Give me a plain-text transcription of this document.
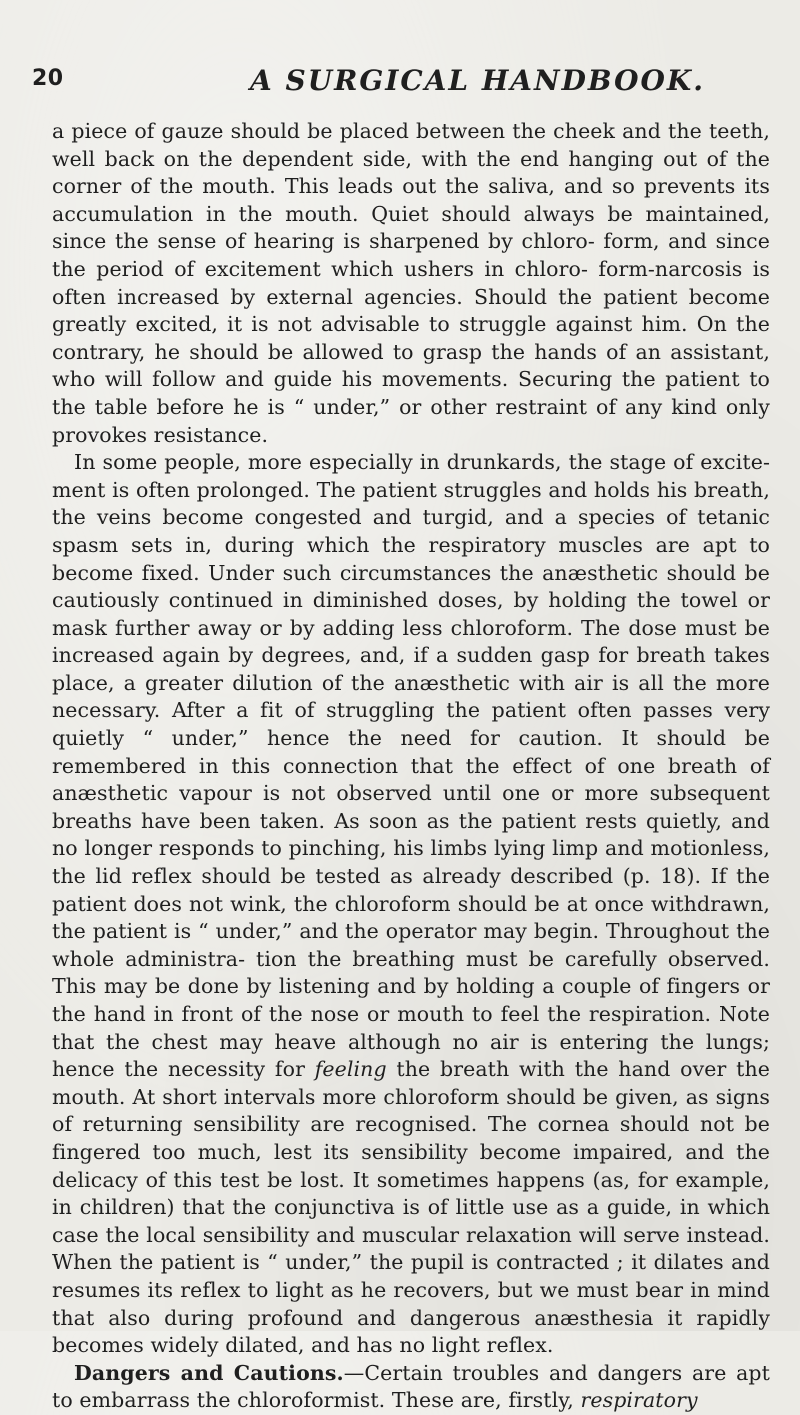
20	A SURGICAL HANDBOOK.

a piece of gauze should be placed between the cheek and the teeth, well back on the dependent side, with the end hanging out of the corner of the mouth. This leads out the saliva, and so prevents its accumulation in the mouth. Quiet should always be maintained, since the sense of hearing is sharpened by chloro- form, and since the period of excitement which ushers in chloro- form-narcosis is often increased by external agencies. Should the patient become greatly excited, it is not advisable to struggle against him. On the contrary, he should be allowed to grasp the hands of an assistant, who will follow and guide his movements. Securing the patient to the table before he is “ under,” or other restraint of any kind only provokes resistance.

In some people, more especially in drunkards, the stage of excite- ment is often prolonged. The patient struggles and holds his breath, the veins become congested and turgid, and a species of tetanic spasm sets in, during which the respiratory muscles are apt to become fixed. Under such circumstances the anæsthetic should be cautiously continued in diminished doses, by holding the towel or mask further away or by adding less chloroform. The dose must be increased again by degrees, and, if a sudden gasp for breath takes place, a greater dilution of the anæsthetic with air is all the more necessary. After a fit of struggling the patient often passes very quietly “ under,” hence the need for caution. It should be remembered in this connection that the effect of one breath of anæsthetic vapour is not observed until one or more subsequent breaths have been taken. As soon as the patient rests quietly, and no longer responds to pinching, his limbs lying limp and motionless, the lid reflex should be tested as already described (p. 18). If the patient does not wink, the chloroform should be at once withdrawn, the patient is “ under,” and the operator may begin. Throughout the whole administra- tion the breathing must be carefully observed. This may be done by listening and by holding a couple of fingers or the hand in front of the nose or mouth to feel the respiration. Note that the chest may heave although no air is entering the lungs; hence the necessity for feeling the breath with the hand over the mouth. At short intervals more chloroform should be given, as signs of returning sensibility are recognised. The cornea should not be fingered too much, lest its sensibility become impaired, and the delicacy of this test be lost. It sometimes happens (as, for example, in children) that the conjunctiva is of little use as a guide, in which case the local sensibility and muscular relaxation will serve instead. When the patient is “ under,” the pupil is contracted ; it dilates and resumes its reflex to light as he recovers, but we must bear in mind that also during profound and dangerous anæsthesia it rapidly becomes widely dilated, and has no light reflex.

Dangers and Cautions.—Certain troubles and dangers are apt to embarrass the chloroformist. These are, firstly, respiratory
